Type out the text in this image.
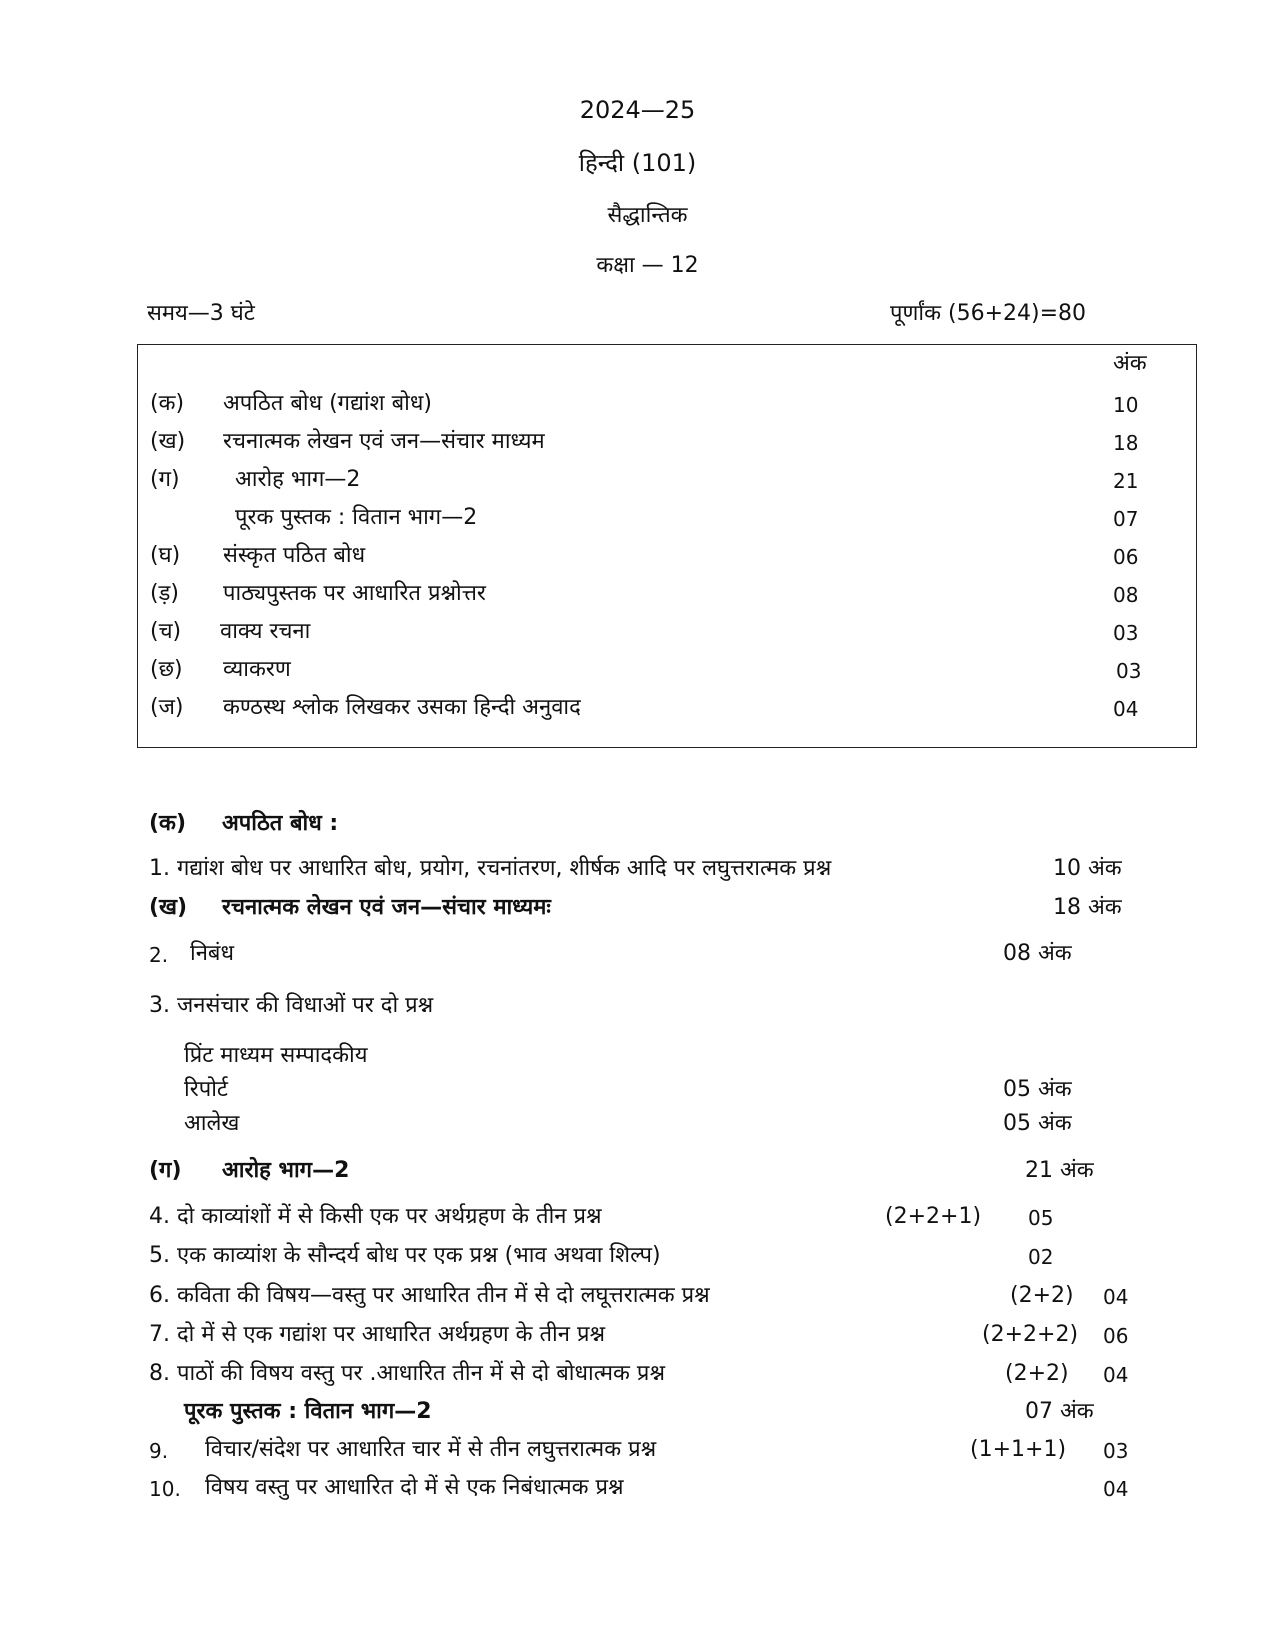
2024—25
हिन्दी (101)
सैद्धान्तिक
कक्षा — 12
समय—3 घंटे	पूर्णांक (56+24)=80
अंक
(क) अपठित बोध (गद्यांश बोध)	10
(ख) रचनात्मक लेखन एवं जन—संचार माध्यम	18
(ग)	आरोह भाग—2	21
पूरक पुस्तक : वितान भाग—2	07
(घ) संस्कृत पठित बोध	06
(ड़) पाठ्यपुस्तक पर आधारित प्रश्नोत्तर	08
(च) वाक्य रचना	03
(छ) व्याकरण	03
(ज) कण्ठस्थ श्लोक लिखकर उसका हिन्दी अनुवाद	04
(क) अपठित बोध :
1. गद्यांश बोध पर आधारित बोध, प्रयोग, रचनांतरण, शीर्षक आदि पर लघुत्तरात्मक प्रश्न	10 अंक
(ख) रचनात्मक लेखन एवं जन—संचार माध्यमः	18 अंक
2. निबंध	08 अंक
3. जनसंचार की विधाओं पर दो प्रश्न
प्रिंट माध्यम सम्पादकीय
रिपोर्ट	05 अंक
आलेख	05 अंक
(ग) आरोह भाग—2	21 अंक
4. दो काव्यांशों में से किसी एक पर अर्थग्रहण के तीन प्रश्न	(2+2+1) 05
5. एक काव्यांश के सौन्दर्य बोध पर एक प्रश्न (भाव अथवा शिल्प)	02
6. कविता की विषय—वस्तु पर आधारित तीन में से दो लघूत्तरात्मक प्रश्न	(2+2) 04
7. दो में से एक गद्यांश पर आधारित अर्थग्रहण के तीन प्रश्न	(2+2+2) 06
8. पाठों की विषय वस्तु पर .आधारित तीन में से दो बोधात्मक प्रश्न	(2+2) 04
पूरक पुस्तक : वितान भाग—2	07 अंक
9. विचार/संदेश पर आधारित चार में से तीन लघुत्तरात्मक प्रश्न	(1+1+1) 03
10. विषय वस्तु पर आधारित दो में से एक निबंधात्मक प्रश्न	04
